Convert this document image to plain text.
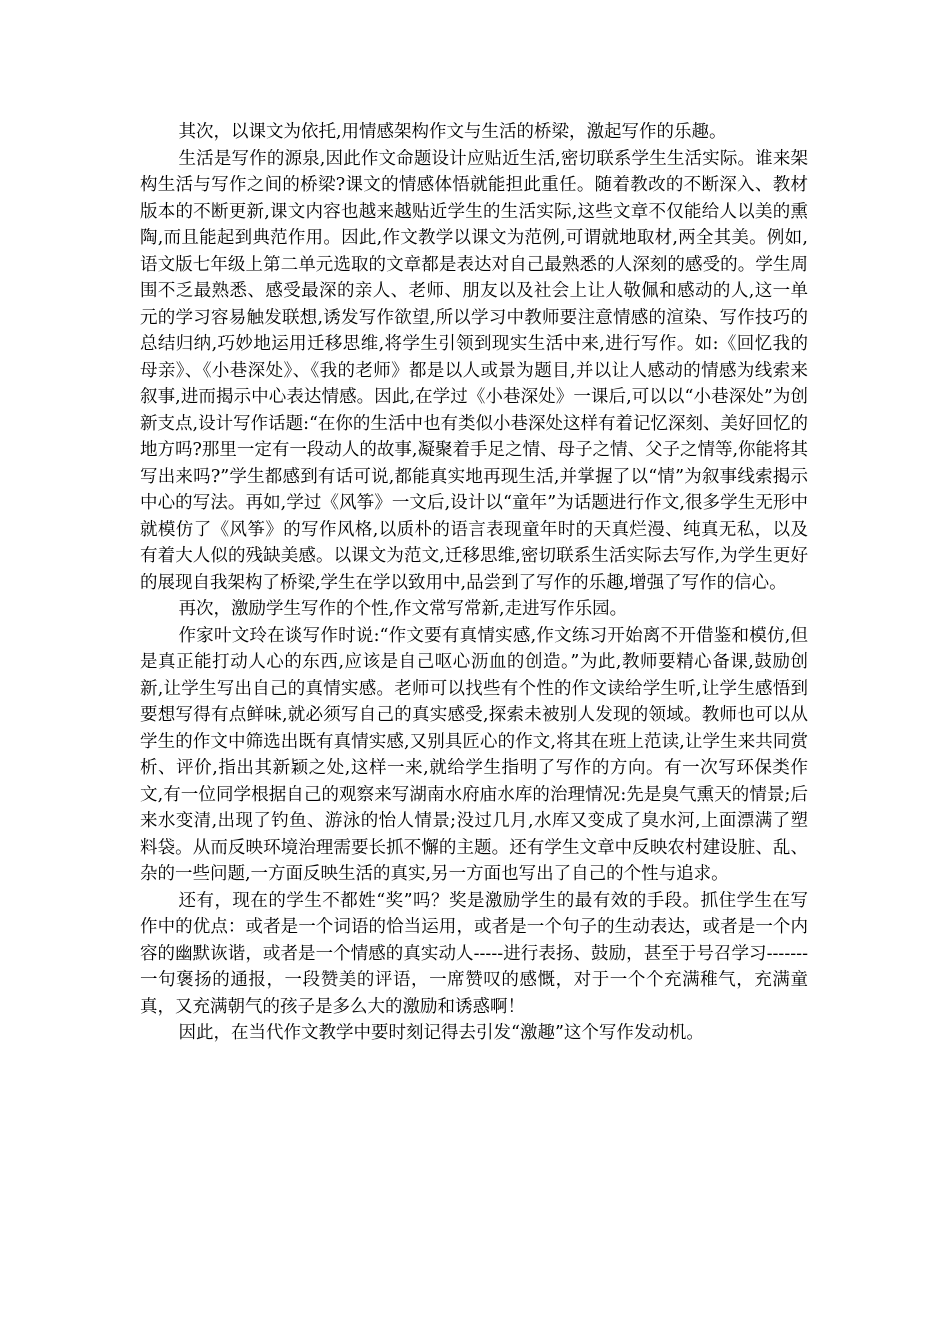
其次，以课文为依托,用情感架构作文与生活的桥梁，激起写作的乐趣。

生活是写作的源泉,因此作文命题设计应贴近生活,密切联系学生生活实际。谁来架构生活与写作之间的桥梁?课文的情感体悟就能担此重任。随着教改的不断深入、教材版本的不断更新,课文内容也越来越贴近学生的生活实际,这些文章不仅能给人以美的熏陶,而且能起到典范作用。因此,作文教学以课文为范例,可谓就地取材,两全其美。例如,语文版七年级上第二单元选取的文章都是表达对自己最熟悉的人深刻的感受的。学生周围不乏最熟悉、感受最深的亲人、老师、朋友以及社会上让人敬佩和感动的人,这一单元的学习容易触发联想,诱发写作欲望,所以学习中教师要注意情感的渲染、写作技巧的总结归纳,巧妙地运用迁移思维,将学生引领到现实生活中来,进行写作。如:《回忆我的母亲》、《小巷深处》、《我的老师》都是以人或景为题目,并以让人感动的情感为线索来叙事,进而揭示中心表达情感。因此,在学过《小巷深处》一课后,可以以“小巷深处”为创新支点,设计写作话题:“在你的生活中也有类似小巷深处这样有着记忆深刻、美好回忆的地方吗?那里一定有一段动人的故事,凝聚着手足之情、母子之情、父子之情等,你能将其写出来吗?”学生都感到有话可说,都能真实地再现生活,并掌握了以“情”为叙事线索揭示中心的写法。再如,学过《风筝》一文后,设计以“童年”为话题进行作文,很多学生无形中就模仿了《风筝》的写作风格,以质朴的语言表现童年时的天真烂漫、纯真无私，以及有着大人似的残缺美感。以课文为范文,迁移思维,密切联系生活实际去写作,为学生更好的展现自我架构了桥梁,学生在学以致用中,品尝到了写作的乐趣,增强了写作的信心。

再次，激励学生写作的个性,作文常写常新,走进写作乐园。

作家叶文玲在谈写作时说:“作文要有真情实感,作文练习开始离不开借鉴和模仿,但是真正能打动人心的东西,应该是自己呕心沥血的创造。”为此,教师要精心备课,鼓励创新,让学生写出自己的真情实感。老师可以找些有个性的作文读给学生听,让学生感悟到要想写得有点鲜味,就必须写自己的真实感受,探索未被别人发现的领域。教师也可以从学生的作文中筛选出既有真情实感,又别具匠心的作文,将其在班上范读,让学生来共同赏析、评价,指出其新颖之处,这样一来,就给学生指明了写作的方向。有一次写环保类作文,有一位同学根据自己的观察来写湖南水府庙水库的治理情况:先是臭气熏天的情景;后来水变清,出现了钓鱼、游泳的怡人情景;没过几月,水库又变成了臭水河,上面漂满了塑料袋。从而反映环境治理需要长抓不懈的主题。还有学生文章中反映农村建设脏、乱、杂的一些问题,一方面反映生活的真实,另一方面也写出了自己的个性与追求。

还有，现在的学生不都姓“奖”吗？奖是激励学生的最有效的手段。抓住学生在写作中的优点：或者是一个词语的恰当运用，或者是一个句子的生动表达，或者是一个内容的幽默诙谐，或者是一个情感的真实动人-----进行表扬、鼓励，甚至于号召学习-------一句褒扬的通报，一段赞美的评语，一席赞叹的感慨，对于一个个充满稚气，充满童真，又充满朝气的孩子是多么大的激励和诱惑啊！

因此，在当代作文教学中要时刻记得去引发“激趣”这个写作发动机。
